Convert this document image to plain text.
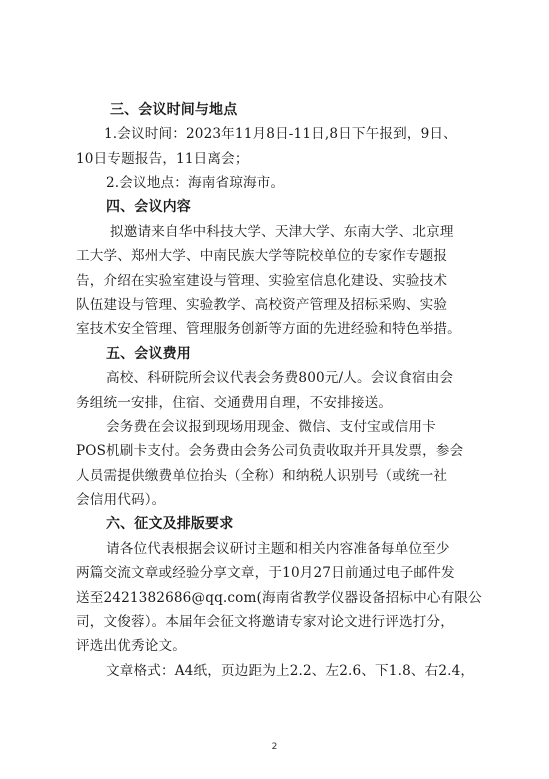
三、会议时间与地点
1.会议时间：2023年11月8日-11日,8日下午报到，9日、
10日专题报告，11日离会；
2.会议地点：海南省琼海市。
四、会议内容
拟邀请来自华中科技大学、天津大学、东南大学、北京理
工大学、郑州大学、中南民族大学等院校单位的专家作专题报
告，介绍在实验室建设与管理、实验室信息化建设、实验技术
队伍建设与管理、实验教学、高校资产管理及招标采购、实验
室技术安全管理、管理服务创新等方面的先进经验和特色举措。
五、会议费用
高校、科研院所会议代表会务费800元/人。会议食宿由会
务组统一安排，住宿、交通费用自理，不安排接送。
会务费在会议报到现场用现金、微信、支付宝或信用卡
POS机刷卡支付。会务费由会务公司负责收取并开具发票，参会
人员需提供缴费单位抬头（全称）和纳税人识别号（或统一社
会信用代码）。
六、征文及排版要求
请各位代表根据会议研讨主题和相关内容准备每单位至少
两篇交流文章或经验分享文章，于10月27日前通过电子邮件发
送至2421382686@qq.com(海南省教学仪器设备招标中心有限公
司，文俊蓉）。本届年会征文将邀请专家对论文进行评选打分，
评选出优秀论文。
文章格式：A4纸，页边距为上2.2、左2.6、下1.8、右2.4，
2
